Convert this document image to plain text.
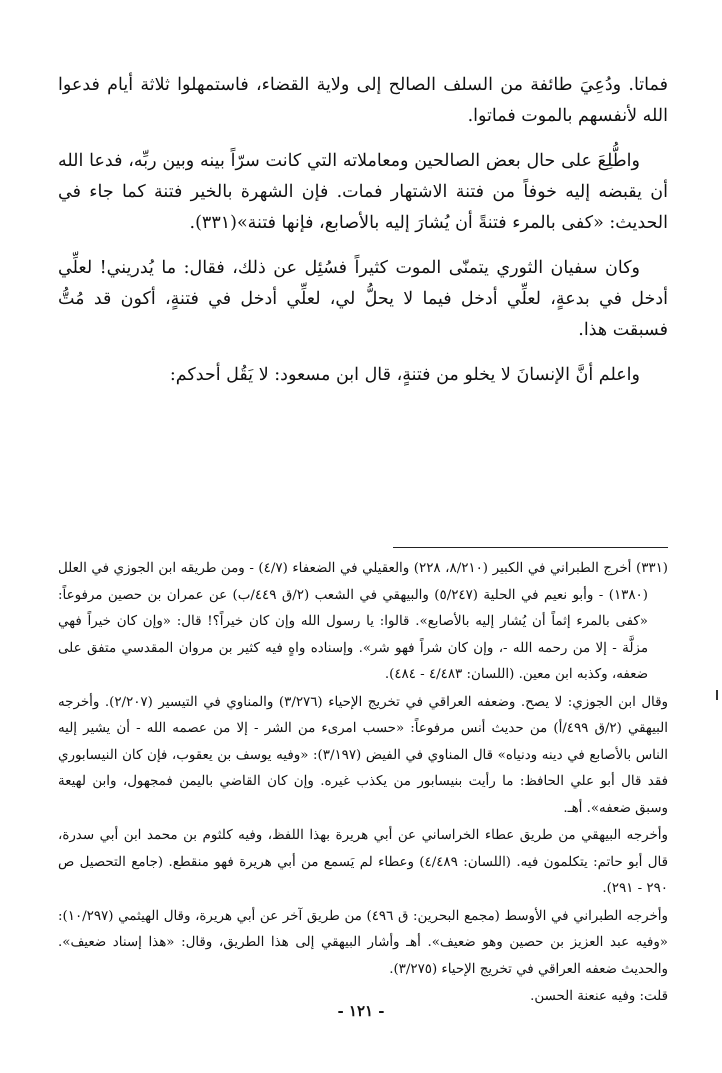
فماتا. ودُعِيَ طائفة من السلف الصالح إلى ولاية القضاء، فاستمهلوا ثلاثة أيام فدعوا الله لأنفسهم بالموت فماتوا.

واطُّلِعَ على حال بعض الصالحين ومعاملاته التي كانت سرّاً بينه وبين ربِّه، فدعا الله أن يقبضه إليه خوفاً من فتنة الاشتهار فمات. فإن الشهرة بالخير فتنة كما جاء في الحديث: «كفى بالمرء فتنةً أن يُشارَ إليه بالأصابع، فإنها فتنة»(٣٣١).

وكان سفيان الثوري يتمنّى الموت كثيراً فسُئِل عن ذلك، فقال: ما يُدريني! لعلِّي أدخل في بدعةٍ، لعلِّي أدخل فيما لا يحلُّ لي، لعلِّي أدخل في فتنةٍ، أكون قد مُتُّ فسبقت هذا.

واعلم أنَّ الإنسانَ لا يخلو من فتنةٍ، قال ابن مسعود: لا يَقُل أحدكم:

(٣٣١) أخرج الطبراني في الكبير (٨/٢١٠، ٢٢٨) والعقيلي في الضعفاء (٤/٧) - ومن طريقه ابن الجوزي في العلل (١٣٨٠) - وأبو نعيم في الحلية (٥/٢٤٧) والبيهقي في الشعب (٢/ق ٤٤٩/ب) عن عمران بن حصين مرفوعاً: «كفى بالمرء إثماً أن يُشار إليه بالأصابع». قالوا: يا رسول الله وإن كان خيراً؟! قال: «وإن كان خيراً فهي مزلَّة - إلا من رحمه الله -، وإن كان شراً فهو شر». وإسناده واهٍ فيه كثير بن مروان المقدسي متفق على ضعفه، وكذبه ابن معين. (اللسان: ٤/٤٨٣ - ٤٨٤).

وقال ابن الجوزي: لا يصح. وضعفه العراقي في تخريج الإحياء (٣/٢٧٦) والمناوي في التيسير (٢/٢٠٧). وأخرجه البيهقي (٢/ق ٤٩٩/أ) من حديث أنس مرفوعاً: «حسب امرىء من الشر - إلا من عصمه الله - أن يشير إليه الناس بالأصابع في دينه ودنياه» قال المناوي في الفيض (٣/١٩٧): «وفيه يوسف بن يعقوب، فإن كان النيسابوري فقد قال أبو علي الحافظ: ما رأيت بنيسابور من يكذب غيره. وإن كان القاضي باليمن فمجهول، وابن لهيعة وسبق ضعفه». أهـ.

وأخرجه البيهقي من طريق عطاء الخراساني عن أبي هريرة بهذا اللفظ، وفيه كلثوم بن محمد ابن أبي سدرة، قال أبو حاتم: يتكلمون فيه. (اللسان: ٤/٤٨٩) وعطاء لم يَسمع من أبي هريرة فهو منقطع. (جامع التحصيل ص ٢٩٠ - ٢٩١).

وأخرجه الطبراني في الأوسط (مجمع البحرين: ق ٤٩٦) من طريق آخر عن أبي هريرة، وقال الهيثمي (١٠/٢٩٧): «وفيه عبد العزيز بن حصين وهو ضعيف». أهـ وأشار البيهقي إلى هذا الطريق، وقال: «هذا إسناد ضعيف». والحديث ضعفه العراقي في تخريج الإحياء (٣/٢٧٥).

قلت: وفيه عنعنة الحسن.

- ١٢١ -
